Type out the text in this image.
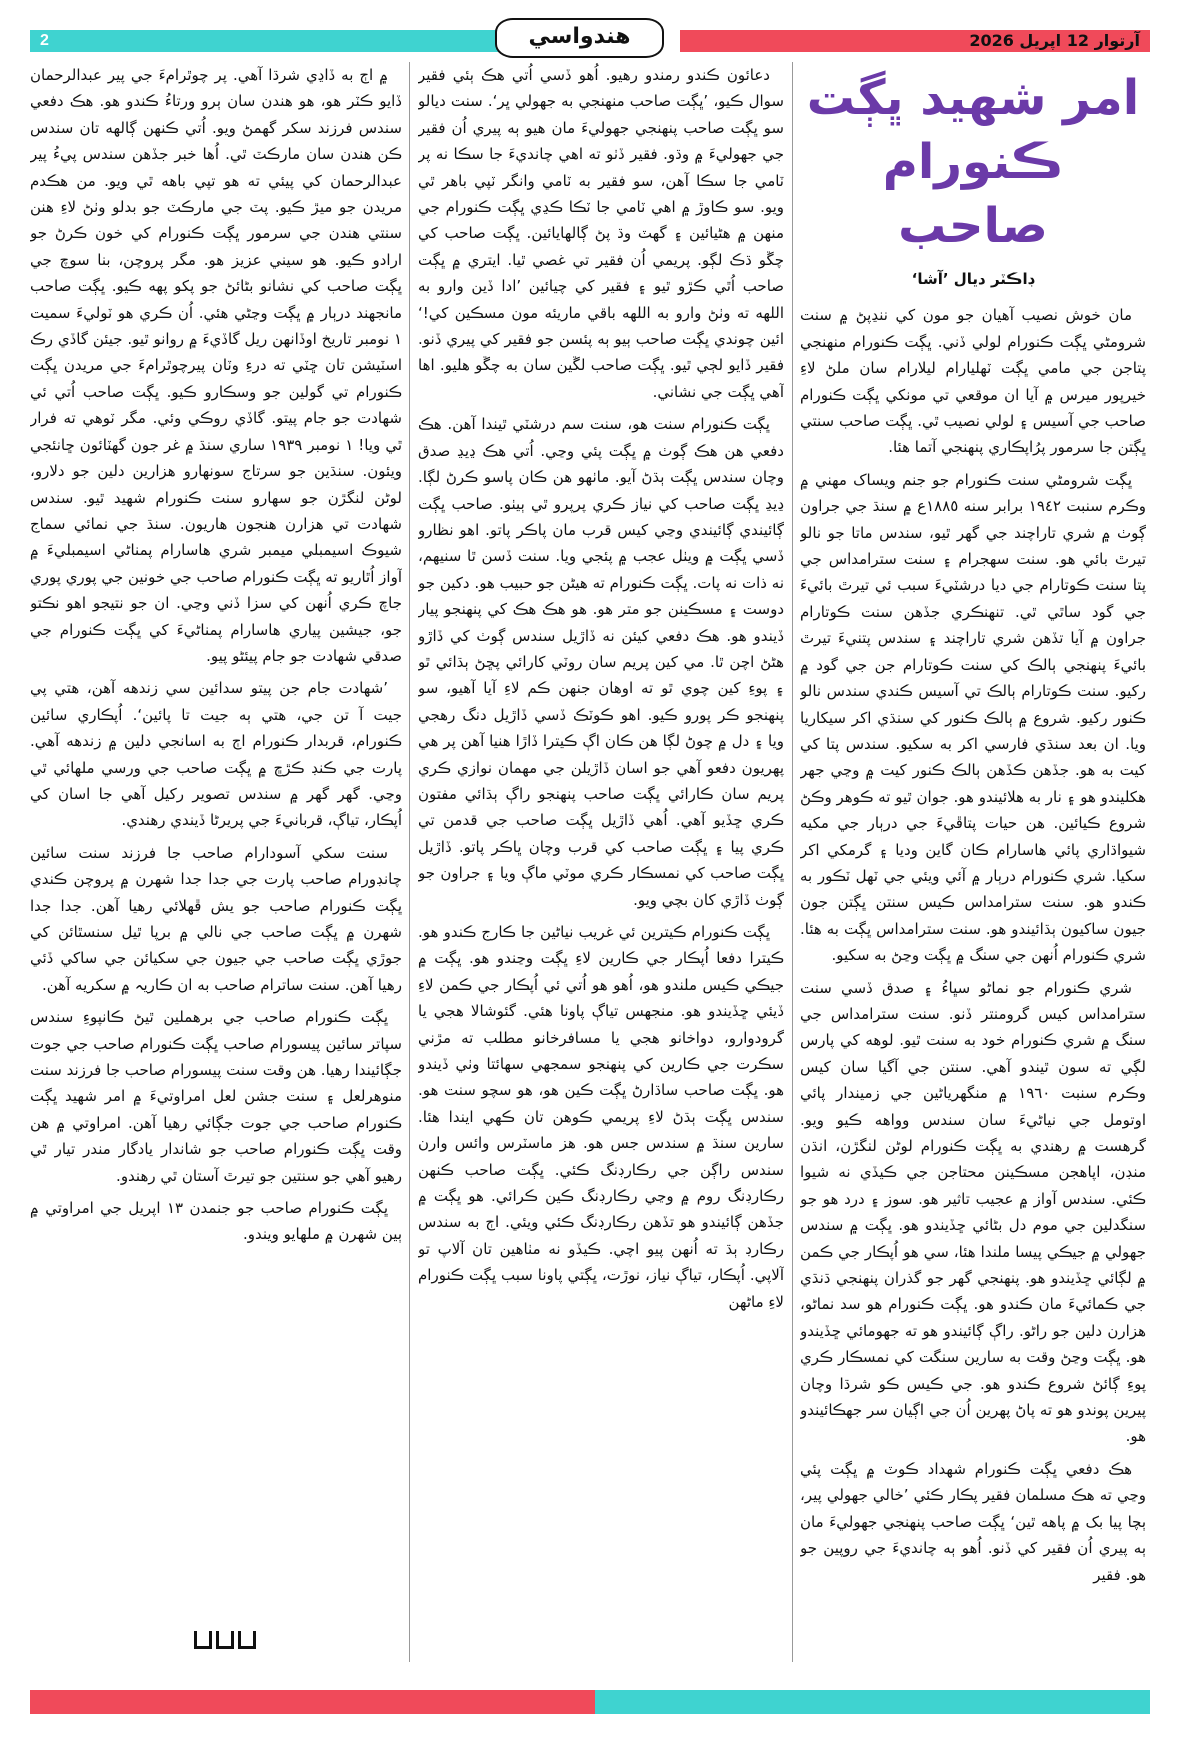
2	آرتوار 12 اپريل 2026
هندواسي
امر شهيد ڀڳت
ڪنورام صاحب
ڊاڪٽر ديال ’آشا‘

مان خوش نصيب آهيان جو مون کي ننڍپڻ ۾ سنت شرومڻي ڀڳت ڪنورام لولي ڏني. ڀڳت ڪنورام منهنجي پتاجن جي مامي ڀڳت ٽهليارام ليلارام سان ملڻ لاءِ خيرپور ميرس ۾ آيا ان موقعي تي مونکي ڀڳت ڪنورام صاحب جي آسيس ۽ لولي نصيب ٿي. ڀڳت صاحب سنتي ڀڳتن جا سرمور پرُاپڪاري پنهنجي آتما هئا.

ڀڳت شرومڻي سنت ڪنورام جو جنم ويساک مهني ۾ وڪرم سنبت ١٩٤٢ برابر سنه ١٨٨٥ع ۾ سنڌ جي جراون ڳوٺ ۾ شري تاراچند جي گهر ٿيو، سندس ماتا جو نالو تيرٿ بائي هو. سنت سهجرام ۽ سنت سترامداس جي پتا سنت ڪوتارام جي ديا درشٽيءَ سبب ئي تيرٿ بائيءَ جي گود ساٿي ٿي. تنهنڪري جڏهن سنت ڪوتارام جراون ۾ آيا تڏهن شري تاراچند ۽ سندس پتنيءَ تيرٿ بائيءَ پنهنجي ٻالڪ کي سنت ڪوتارام جن جي گود ۾ رکيو. سنت ڪوتارام ٻالڪ تي آسيس ڪندي سندس نالو ڪنور رکيو. شروع ۾ ٻالڪ ڪنور کي سنڌي اکر سيکاريا ويا. ان بعد سنڌي فارسي اکر به سکيو. سندس پتا کي کيت به هو. جڏهن ڪڏهن ٻالڪ ڪنور کيت ۾ وڃي جهر هکليندو هو ۽ نار به هلائيندو هو. جوان ٿيو ته ڪوهر وڪڻ شروع ڪيائين. هن حيات پتاڦيءَ جي درٻار جي مکيه شيواڌاري پائي هاسارام ڪان گاين وديا ۽ گرمکي اکر سکيا. شري ڪنورام درٻار ۾ آئي ويئي جي ٽهل ٽڪور به ڪندو هو. سنت سترامداس ڪيس سنتن ڀڳتن جون جيون ساکيون ٻڌائيندو هو. سنت سترامداس ڀڳت به هئا. شري ڪنورام اُنهن جي سنگ ۾ ڀڳت وڃڻ به سکيو.

شري ڪنورام جو نماڻو سڀاءُ ۽ صدق ڏسي سنت سترامداس کيس گرومنتر ڏنو. سنت سترامداس جي سنگ ۾ شري ڪنورام خود به سنت ٿيو. لوهه کي پارس لڳي ته سون ٿيندو آهي. سنتن جي آگيا سان کيس وڪرم سنبت ١٩٦٠ ۾ منگهرياڻين جي زميندار پائي اوتومل جي نياڻيءَ سان سندس وواهه ڪيو ويو. گرهست ۾ رهندي به ڀڳت ڪنورام لوڻن لنگڙن، انڌن منڊن، اپاهجن مسڪينن محتاجن جي ڪيڏي نه شيوا ڪئي. سندس آواز ۾ عجيب تاثير هو. سوز ۽ درد هو جو سنگدلين جي موم دل بڻائي ڇڏيندو هو. ڀڳت ۾ سندس جهولي ۾ جيڪي پيسا ملندا هئا، سي هو اُپڪار جي ڪمن ۾ لڳائي ڇڏيندو هو. پنهنجي گهر جو گذران پنهنجي ڌنڌي جي ڪمائيءَ مان ڪندو هو. ڀڳت ڪنورام هو سد نماڻو، هزارن دلين جو راڻو. راڳ ڳائيندو هو ته جهومائي ڇڏيندو هو. ڀڳت وڃڻ وقت به سارين سنگت کي نمسڪار ڪري پوءِ ڳائڻ شروع ڪندو هو. جي ڪيس ڪو شرڌا وچان پيرين پوندو هو ته پاڻ پهرين اُن جي اڳيان سر جهڪائيندو هو.

هڪ دفعي ڀڳت ڪنورام شهداد ڪوٽ ۾ ڀڳت پئي وڃي ته هڪ مسلمان فقير پڪار ڪئي ’خالي جهولي پير، ٻچا پيا بک ۾ پاهه ٿين‘ ڀڳت صاحب پنهنجي جهوليءَ مان ٻه پيري اُن فقير کي ڏنو. اُهو ٻه چانديءَ جي روپين جو هو. فقير

دعائون ڪندو رمندو رهيو. اُهو ڏسي اُتي هڪ ٻئي فقير سوال ڪيو، ’ڀڳت صاحب منهنجي به جهولي ڀر‘. سنت ديالو سو ڀڳت صاحب پنهنجي جهوليءَ مان هيو ٻه پيري اُن فقير جي جهوليءَ ۾ وڌو. فقير ڏٺو ته اهي چانديءَ جا سڪا نه پر ٽامي جا سڪا آهن، سو فقير به ٽامي وانگر ٽپي باهر ٿي ويو. سو ڪاوڙ ۾ اهي ٽامي جا ٽڪا ڪڍي ڀڳت ڪنورام جي منهن ۾ هڻيائين ۽ گهٽ وڌ پڻ ڳالهايائين. ڀڳت صاحب کي چڱو ڌڪ لڳو. پريمي اُن فقير تي غصي ٿيا. ايتري ۾ ڀڳت صاحب اُٿي ڪڙو ٿيو ۽ فقير کي چيائين ’ادا ڏين وارو به اللهه ته وٺڻ وارو به اللهه باقي ماريئه مون مسڪين کي!‘ ائين چوندي ڀڳت صاحب ٻيو ٻه پئسن جو فقير کي پيري ڏنو. فقير ڏايو لڄي ٿيو. ڀڳت صاحب لڱين سان به چڱو هليو. اها آهي ڀڳت جي نشاني.

ڀڳت ڪنورام سنت هو، سنت سم درشٽي ٿيندا آهن. هڪ دفعي هن هڪ ڳوٺ ۾ ڀڳت پئي وڃي. اُتي هڪ ڍيڍ صدق وچان سندس ڀڳت ٻڌڻ آيو. ماٺهو هن ڪان پاسو ڪرڻ لڳا. ڍيڍ ڀڳت صاحب کي نياز ڪري پرپرو ٿي ٻيٺو. صاحب ڀڳت ڳائيندي ڳائيندي وڃي کيس قرب مان پاڪر پاتو. اهو نظارو ڏسي ڀڳت ۾ ويٺل عجب ۾ پئجي ويا. سنت ڏسن ٿا سنيهم، نه ذات نه پات. ڀڳت ڪنورام ته هيڻن جو حبيب هو. دکين جو دوست ۽ مسڪينن جو متر هو. هو هڪ هڪ کي پنهنجو پيار ڏيندو هو. هڪ دفعي کيئن نه ڏاڙيل سندس ڳوٺ کي ڏاڙو هڻڻ اچن ٿا. مي کين پريم سان روٽي کارائي پڇڻ ٻڌائي ٿو ۽ پوءِ کين چوي ٿو ته اوهان جنهن ڪم لاءِ آيا آهيو، سو پنهنجو ڪر پورو ڪيو. اهو ڪوٽڪ ڏسي ڏاڙيل دنگ رهجي ويا ۽ دل ۾ چوڻ لڳا هن ڪان اڳ ڪيترا ڏاڙا هنيا آهن پر هي پهريون دفعو آهي جو اسان ڏاڙيلن جي مهمان نوازي ڪري پريم سان ڪارائي ڀڳت صاحب پنهنجو راڳ ٻڌائي مفتون ڪري ڇڏيو آهي. اُهي ڏاڙيل ڀڳت صاحب جي قدمن تي ڪري پيا ۽ ڀڳت صاحب کي قرب وچان ڀاڪر پاتو. ڏاڙيل ڀڳت صاحب کي نمسڪار ڪري موٽي ماڳ ويا ۽ جراون جو ڳوٺ ڏاڙي کان بچي ويو.

ڀڳت ڪنورام ڪيترين ئي غريب نياڻين جا ڪارج ڪندو هو. ڪيترا دفعا اُپڪار جي ڪارين لاءِ ڀڳت وڃندو هو. ڀڳت ۾ جيڪي ڪيس ملندو هو، اُهو هو اُتي ئي اُپڪار جي ڪمن لاءِ ڏيئي ڇڏيندو هو. منجهس تياڳ پاونا هئي. گئوشالا هجي يا گرودوارو، دواخانو هجي يا مسافرخانو مطلب ته مڙني سڪرت جي ڪارين کي پنهنجو سمجهي سهائتا وٺي ڏيندو هو. ڀڳت صاحب ساڌارڻ ڀڳت ڪين هو، هو سچو سنت هو. سندس ڀڳت ٻڌڻ لاءِ پريمي ڪوهن تان ڪهي ايندا هئا. سارين سنڌ ۾ سندس جس هو. هز ماسٽرس وائس وارن سندس راڳن جي رڪارڊنگ ڪئي. ڀڳت صاحب ڪنهن رڪارڊنگ روم ۾ وڃي رڪارڊنگ ڪين ڪرائي. هو ڀڳت ۾ جڏهن ڳائيندو هو تڏهن رڪارڊنگ ڪئي ويئي. اڄ به سندس رڪارڊ ٻڌ ته اُنهن پيو اچي. ڪيڏو نه مٺاهين تان آلاپ تو آلاپي. اُپڪار، تياڳ نياز، نوڙت، ڀڳتي پاونا سبب ڀڳت ڪنورام لاءِ ماڻهن

۾ اڄ به ڏاڍي شرڌا آهي. پر چوٿرامءَ جي پير عبدالرحمان ڏايو ڪٽر هو، هو هندن سان ٻرو ورتاءُ ڪندو هو. هڪ دفعي سندس فرزند سکر گهمڻ ويو. اُتي ڪنهن ڳالهه تان سندس ڪن هندن سان مارڪٽ ٿي. اُها خبر جڏهن سندس پيءُ پير عبدالرحمان کي پيئي ته هو تپي باهه ٿي ويو. من هڪدم مريدن جو ميڙ ڪيو. پٽ جي مارڪٽ جو بدلو وٺڻ لاءِ هنن سنتي هندن جي سرمور ڀڳت ڪنورام کي خون ڪرڻ جو ارادو ڪيو. هو سيني عزيز هو. مگر پروچن، بنا سوچ جي ڀڳت صاحب کي نشانو بڻائڻ جو پکو پهه ڪيو. ڀڳت صاحب مانجهند درٻار ۾ ڀڳت وڃڻي هئي. اُن ڪري هو ٽوليءَ سميت ١ نومبر تاريخ اوڏانهن ريل گاڏيءَ ۾ روانو ٿيو. جيئن گاڏي رڪ اسٽيشن تان ڇٽي ته درءِ وٽان پيرچوٿرامءَ جي مريدن ڀڳت ڪنورام تي گولين جو وسڪارو ڪيو. ڀڳت صاحب اُتي ئي شهادت جو جام پيتو. گاڏي روڪي وئي. مگر ٽوهي ته فرار ٿي ويا! ١ نومبر ١٩٣٩ ساري سنڌ ۾ غر جون گهٽائون ڇانئجي ويئون. سنڌين جو سرتاج سونهارو هزارين دلين جو دلارو، لوڻن لنگڙن جو سهارو سنت ڪنورام شهيد ٿيو. سندس شهادت تي هزارن هنجون هاريون. سنڌ جي نمائي سماج شيوڪ اسيمبلي ميمبر شري هاسارام پمناڻي اسيمبليءَ ۾ آواز اُٿاريو ته ڀڳت ڪنورام صاحب جي خونين جي پوري پوري جاچ ڪري اُنهن کي سزا ڏني وڃي. ان جو نتيجو اهو نڪتو جو، جيشين پياري هاسارام پمناڻيءَ کي ڀڳت ڪنورام جي صدقي شهادت جو جام پيئڻو پيو.

’شهادت جام جن پيتو سدائين سي زندهه آهن، هتي پي جيت آ تن جي، هتي ٻه جيت تا پائين‘. اُپڪاري سائين ڪنورام، قربدار ڪنورام اڄ به اسانجي دلين ۾ زندهه آهي. پارت جي ڪنڊ ڪڙڇ ۾ ڀڳت صاحب جي ورسي ملهائي ٿي وڃي. گهر گهر ۾ سندس تصوير رکيل آهي جا اسان کي اُپڪار، تياڳ، قربانيءَ جي پريرڻا ڏيندي رهندي.

سنت سکي آسودارام صاحب جا فرزند سنت سائين چانڊورام صاحب پارت جي جدا جدا شهرن ۾ پروچن ڪندي ڀڳت ڪنورام صاحب جو يش ڦهلائي رهيا آهن. جدا جدا شهرن ۾ ڀڳت صاحب جي نالي ۾ برپا ٿيل سنسٿائن کي جوڙي ڀڳت صاحب جي جيون جي سکيائن جي ساکي ڏئي رهيا آهن. سنت ساترام صاحب به ان ڪاريہ ۾ سکريه آهن.

ڀڳت ڪنورام صاحب جي برهملين ٿيڻ ڪانپوءِ سندس سپاتر سائين پيسورام صاحب ڀڳت ڪنورام صاحب جي جوت جڳائيندا رهيا. هن وقت سنت پيسورام صاحب جا فرزند سنت منوهرلعل ۽ سنت جشن لعل امراوتيءَ ۾ امر شهيد ڀڳت ڪنورام صاحب جي جوت جڳائي رهيا آهن. امراوتي ۾ هن وقت ڀڳت ڪنورام صاحب جو شاندار يادگار مندر تيار ٿي رهيو آهي جو سنتين جو تيرٿ آستان ٿي رهندو.

ڀڳت ڪنورام صاحب جو جنمدن ١٣ اپريل جي امراوتي ۾ ٻين شهرن ۾ ملهايو ويندو.
